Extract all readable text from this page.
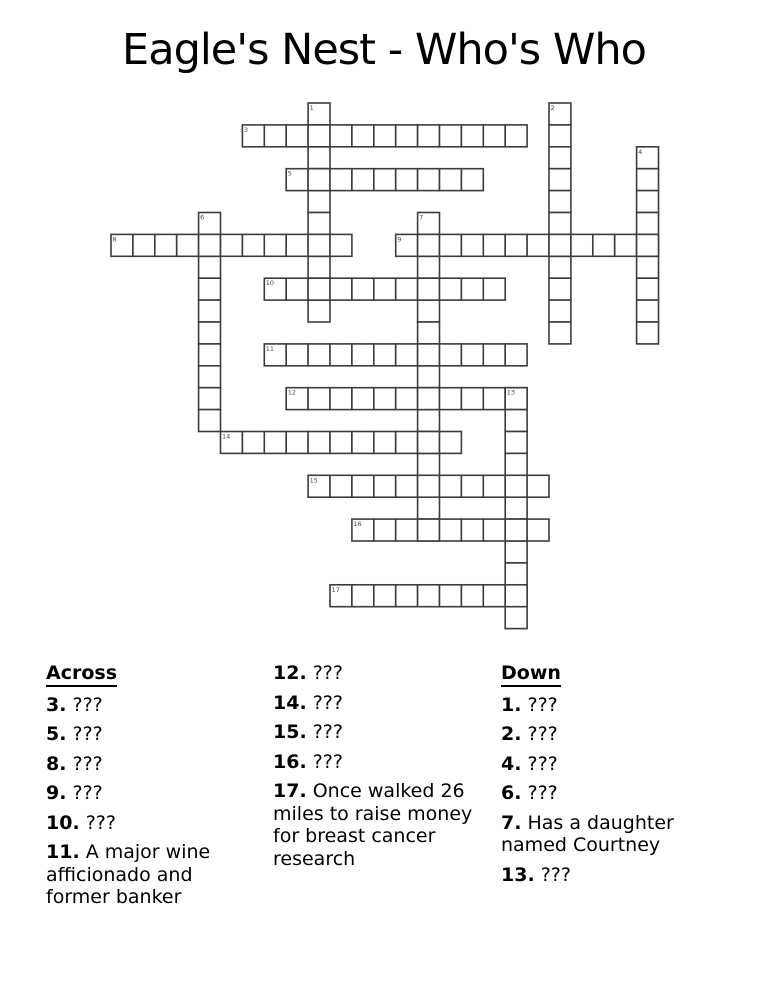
Eagle's Nest - Who's Who
1	2
3
4
5
6	7
8	9
10
11
12	13
14
15
16
17
Across
3. ???
5. ???
8. ???
9. ???
10. ???
11. A major wine afficionado and former banker
12. ???
14. ???
15. ???
16. ???
17. Once walked 26 miles to raise money for breast cancer research
Down
1. ???
2. ???
4. ???
6. ???
7. Has a daughter named Courtney
13. ???
